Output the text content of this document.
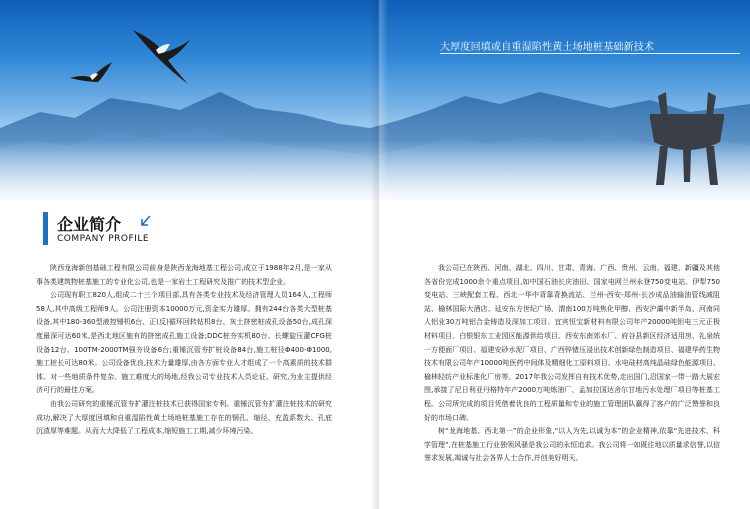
大厚度回填或自重湿陷性黄土场地桩基础新技术
企业简介
COMPANY PROFILE

陕西龙海新创基础工程有限公司前身是陕西龙海地基工程公司,成立于1988年2月,是一家从事各类建筑物桩基施工的专业化公司,也是一家岩土工程研究及推广的技术型企业。

公司现有职工820人,组成二十三个项目部,具有各类专业技术及经济管理人员164人,工程师58人,其中高级工程师9人。公司注册资本10000万元,资金实力雄厚。拥有244台各类大型桩基设备,其中180-360型液控锤机6台、正(反)循环回转钻机8台、灰土挤密桩成孔设备50台,成孔深度最深可达60米,是西北地区施有的挤密成孔施工设备;DDC桩夯实机80台、长螺旋压灌CFG桩设备12台、100TM-2000TM强夯设备6台;重锤沉管夯扩桩设备84台,施工桩径Φ400-Φ1000,施工桩长可达80米。公司设备优良,技术力量雄厚,由各方面专业人才组成了一个高素质的技术群体。对一些地质条件复杂、施工难度大的场地,经我公司专业技术人员论证、研究,为业主提供经济可行的最佳方案。

由我公司研究的重锤沉管夯扩灌注桩技术已获得国家专利。重锤沉管夯扩灌注桩技术的研究成功,解决了大厚度回填和自重湿陷性黄土场地桩基施工存在的钢孔、缩径、充盈系数大、孔底沉渣厚等难题。从而大大降低了工程成本,缩短施工工期,减少环境污染。

我公司已在陕西、河南、湖北、四川、甘肃、青海、广西、贵州、云南、福建、新疆及其他各省份完成1000余个重点项目,如中国石油长庆油田、国家电网兰州永登750变电站、伊犁750变电站、三峡配套工程、西北一华中背靠背换流站、兰州-西安-郑州-长沙成品油输油管线减阻站、榆林国际大酒店、延安东方世纪广场、渭南100万吨焦化甲醇、西安沪灞中新半岛、河南同人铝业30万吨铝合金铸造及深加工项目、宜宾恒宝新材料有限公司年产20000吨钽电三元正极材料项目、白银银东工业园区能源供给项目、西安东南郊水厂、府谷县新区经济适用房、礼泉统一方便面厂项目、福建安砂水泥厂项目、广西锌锗压浸出技术创新绿色制造项目、福建华药生物技术有限公司年产10000吨医药中间体及精细化工原料项目、水电硅材高纯晶硅绿色能源项目、榆林轻纺产业标准化厂房等。2017年我公司发挥自有技术优势,走出国门,沿国家一带一路大展宏图,承接了尼日利亚丹格特年产2000万吨炼油厂、孟加拉国达舍尔甘地污水处理厂项目等桩基工程。公司所完成的项目凭借着优良的工程质量和专业的施工管理团队赢得了客户的广泛赞誉和良好的市场口碑。

树“龙海地基、西北第一”的企业形象,“以人为先,以诚为本”的企业精神,依靠“先进技术、科学管理”,在桩基施工行业独领风骚是我公司的永恒追求。我公司将一如既往地以质量求信誉,以信誉求发展,竭诚与社会各界人士合作,并创美好明天。
